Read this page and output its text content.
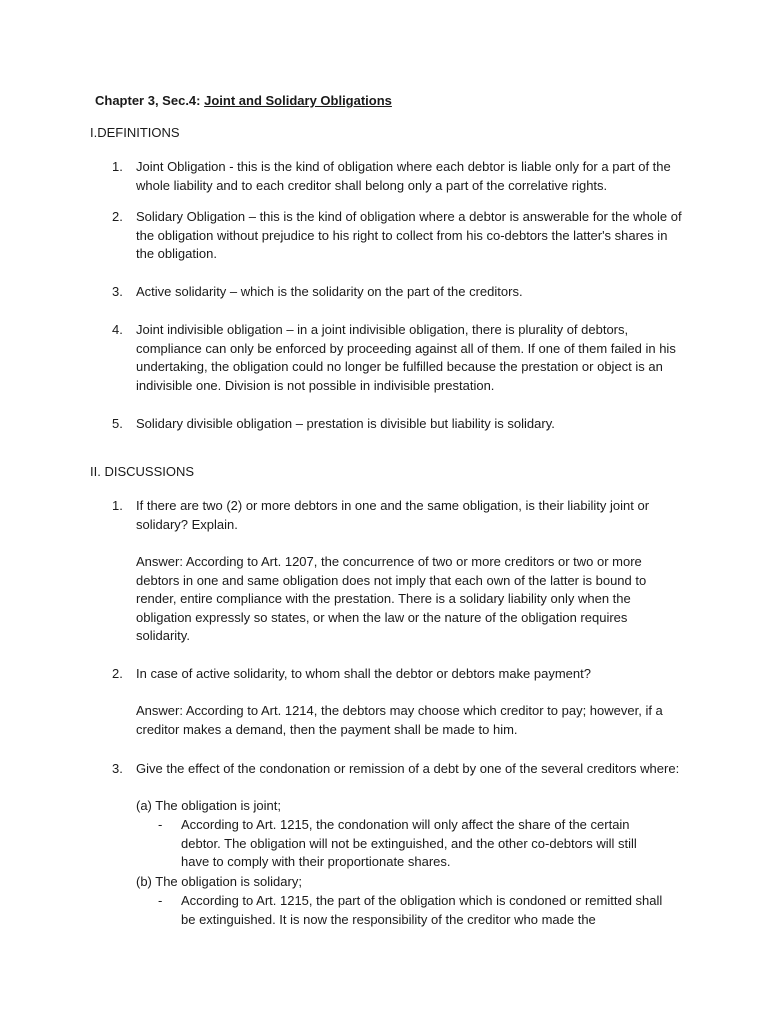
Chapter 3, Sec.4: Joint and Solidary Obligations
I.DEFINITIONS
1. Joint Obligation - this is the kind of obligation where each debtor is liable only for a part of the whole liability and to each creditor shall belong only a part of the correlative rights.
2. Solidary Obligation – this is the kind of obligation where a debtor is answerable for the whole of the obligation without prejudice to his right to collect from his co-debtors the latter's shares in the obligation.
3. Active solidarity – which is the solidarity on the part of the creditors.
4. Joint indivisible obligation – in a joint indivisible obligation, there is plurality of debtors, compliance can only be enforced by proceeding against all of them. If one of them failed in his undertaking, the obligation could no longer be fulfilled because the prestation or object is an indivisible one. Division is not possible in indivisible prestation.
5. Solidary divisible obligation – prestation is divisible but liability is solidary.
II. DISCUSSIONS
1. If there are two (2) or more debtors in one and the same obligation, is their liability joint or solidary? Explain.
Answer: According to Art. 1207, the concurrence of two or more creditors or two or more debtors in one and same obligation does not imply that each own of the latter is bound to render, entire compliance with the prestation. There is a solidary liability only when the obligation expressly so states, or when the law or the nature of the obligation requires solidarity.
2. In case of active solidarity, to whom shall the debtor or debtors make payment?
Answer: According to Art. 1214, the debtors may choose which creditor to pay; however, if a creditor makes a demand, then the payment shall be made to him.
3. Give the effect of the condonation or remission of a debt by one of the several creditors where:
(a) The obligation is joint;
- According to Art. 1215, the condonation will only affect the share of the certain debtor. The obligation will not be extinguished, and the other co-debtors will still have to comply with their proportionate shares.
(b) The obligation is solidary;
- According to Art. 1215, the part of the obligation which is condoned or remitted shall be extinguished. It is now the responsibility of the creditor who made the
